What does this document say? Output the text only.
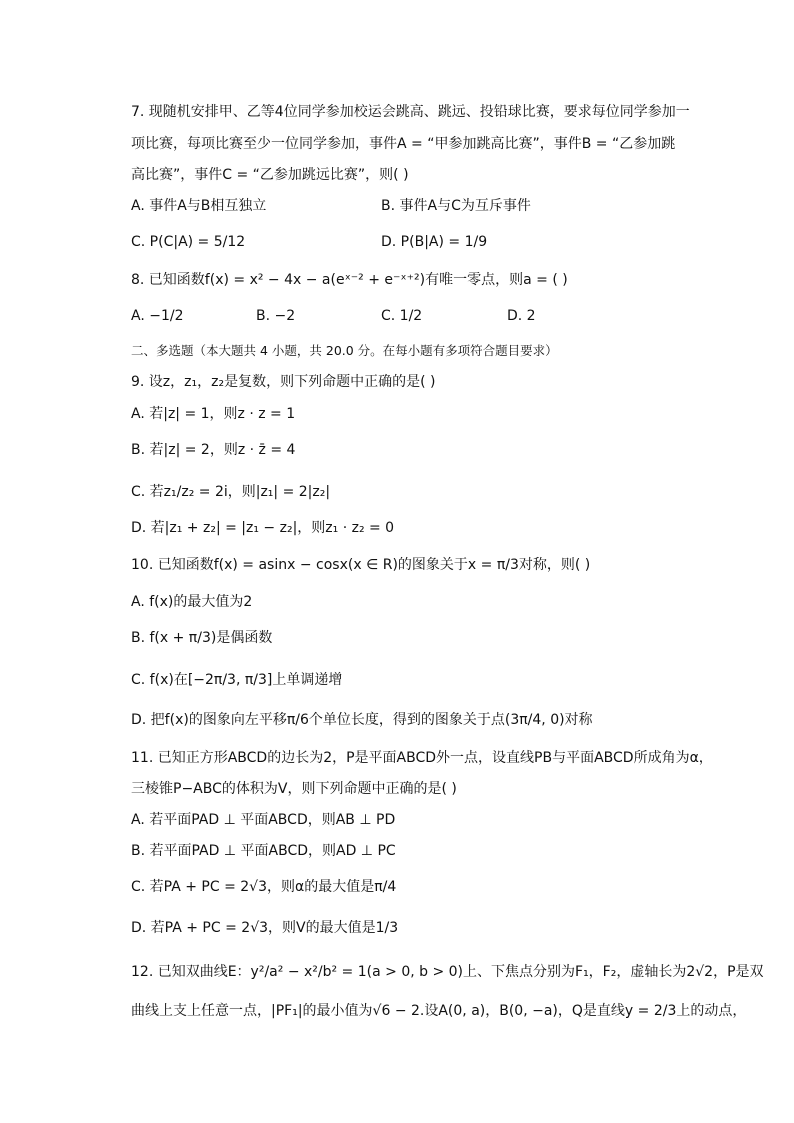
7. 现随机安排甲、乙等4位同学参加校运会跳高、跳远、投铅球比赛，要求每位同学参加一
项比赛，每项比赛至少一位同学参加，事件A = “甲参加跳高比赛”，事件B = “乙参加跳
高比赛”，事件C = “乙参加跳远比赛”，则( )
A. 事件A与B相互独立	B. 事件A与C为互斥事件
C. P(C|A) = 5/12	D. P(B|A) = 1/9
8. 已知函数f(x) = x² − 4x − a(eˣ⁻² + e⁻ˣ⁺²)有唯一零点，则a = ( )
A. −1/2	B. −2	C. 1/2	D. 2
二、多选题（本大题共 4 小题，共 20.0 分。在每小题有多项符合题目要求）
9. 设z，z₁，z₂是复数，则下列命题中正确的是( )
A. 若|z| = 1，则z · z = 1
B. 若|z| = 2，则z · z̄ = 4
C. 若z₁/z₂ = 2i，则|z₁| = 2|z₂|
D. 若|z₁ + z₂| = |z₁ − z₂|，则z₁ · z₂ = 0
10. 已知函数f(x) = asinx − cosx(x ∈ R)的图象关于x = π/3对称，则( )
A. f(x)的最大值为2
B. f(x + π/3)是偶函数
C. f(x)在[−2π/3, π/3]上单调递增
D. 把f(x)的图象向左平移π/6个单位长度，得到的图象关于点(3π/4, 0)对称
11. 已知正方形ABCD的边长为2，P是平面ABCD外一点，设直线PB与平面ABCD所成角为α，
三棱锥P−ABC的体积为V，则下列命题中正确的是( )
A. 若平面PAD ⊥ 平面ABCD，则AB ⊥ PD
B. 若平面PAD ⊥ 平面ABCD，则AD ⊥ PC
C. 若PA + PC = 2√3，则α的最大值是π/4
D. 若PA + PC = 2√3，则V的最大值是1/3
12. 已知双曲线E：y²/a² − x²/b² = 1(a > 0, b > 0)上、下焦点分别为F₁，F₂，虚轴长为2√2，P是双
曲线上支上任意一点，|PF₁|的最小值为√6 − 2.设A(0, a)，B(0, −a)，Q是直线y = 2/3上的动点，
